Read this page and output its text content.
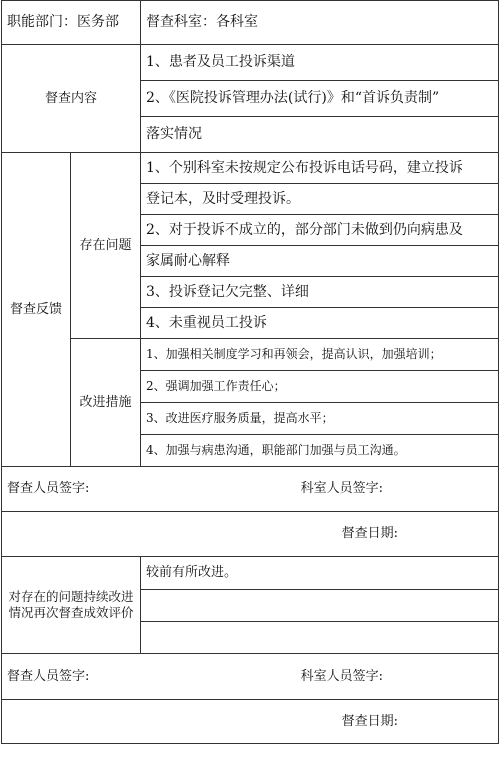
职能部门：医务部		督查科室：各科室
督查内容		1、患者及员工投诉渠道
		2、《医院投诉管理办法(试行)》和“首诉负责制”
		落实情况
督查反馈	存在问题	1、个别科室未按规定公布投诉电话号码，建立投诉
		登记本，及时受理投诉。
		2、对于投诉不成立的，部分部门未做到仍向病患及
		家属耐心解释
		3、投诉登记欠完整、详细
		4、未重视员工投诉
	改进措施	1、加强相关制度学习和再领会，提高认识，加强培训；
		2、强调加强工作责任心；
		3、改进医疗服务质量，提高水平；
		4、加强与病患沟通，职能部门加强与员工沟通。

督查人员签字: 科室人员签字:		

督查日期:		

对存在的问题持续改进情况再次督查成效评价		较前有所改进。

督查人员签字: 科室人员签字:		

督查日期:		
